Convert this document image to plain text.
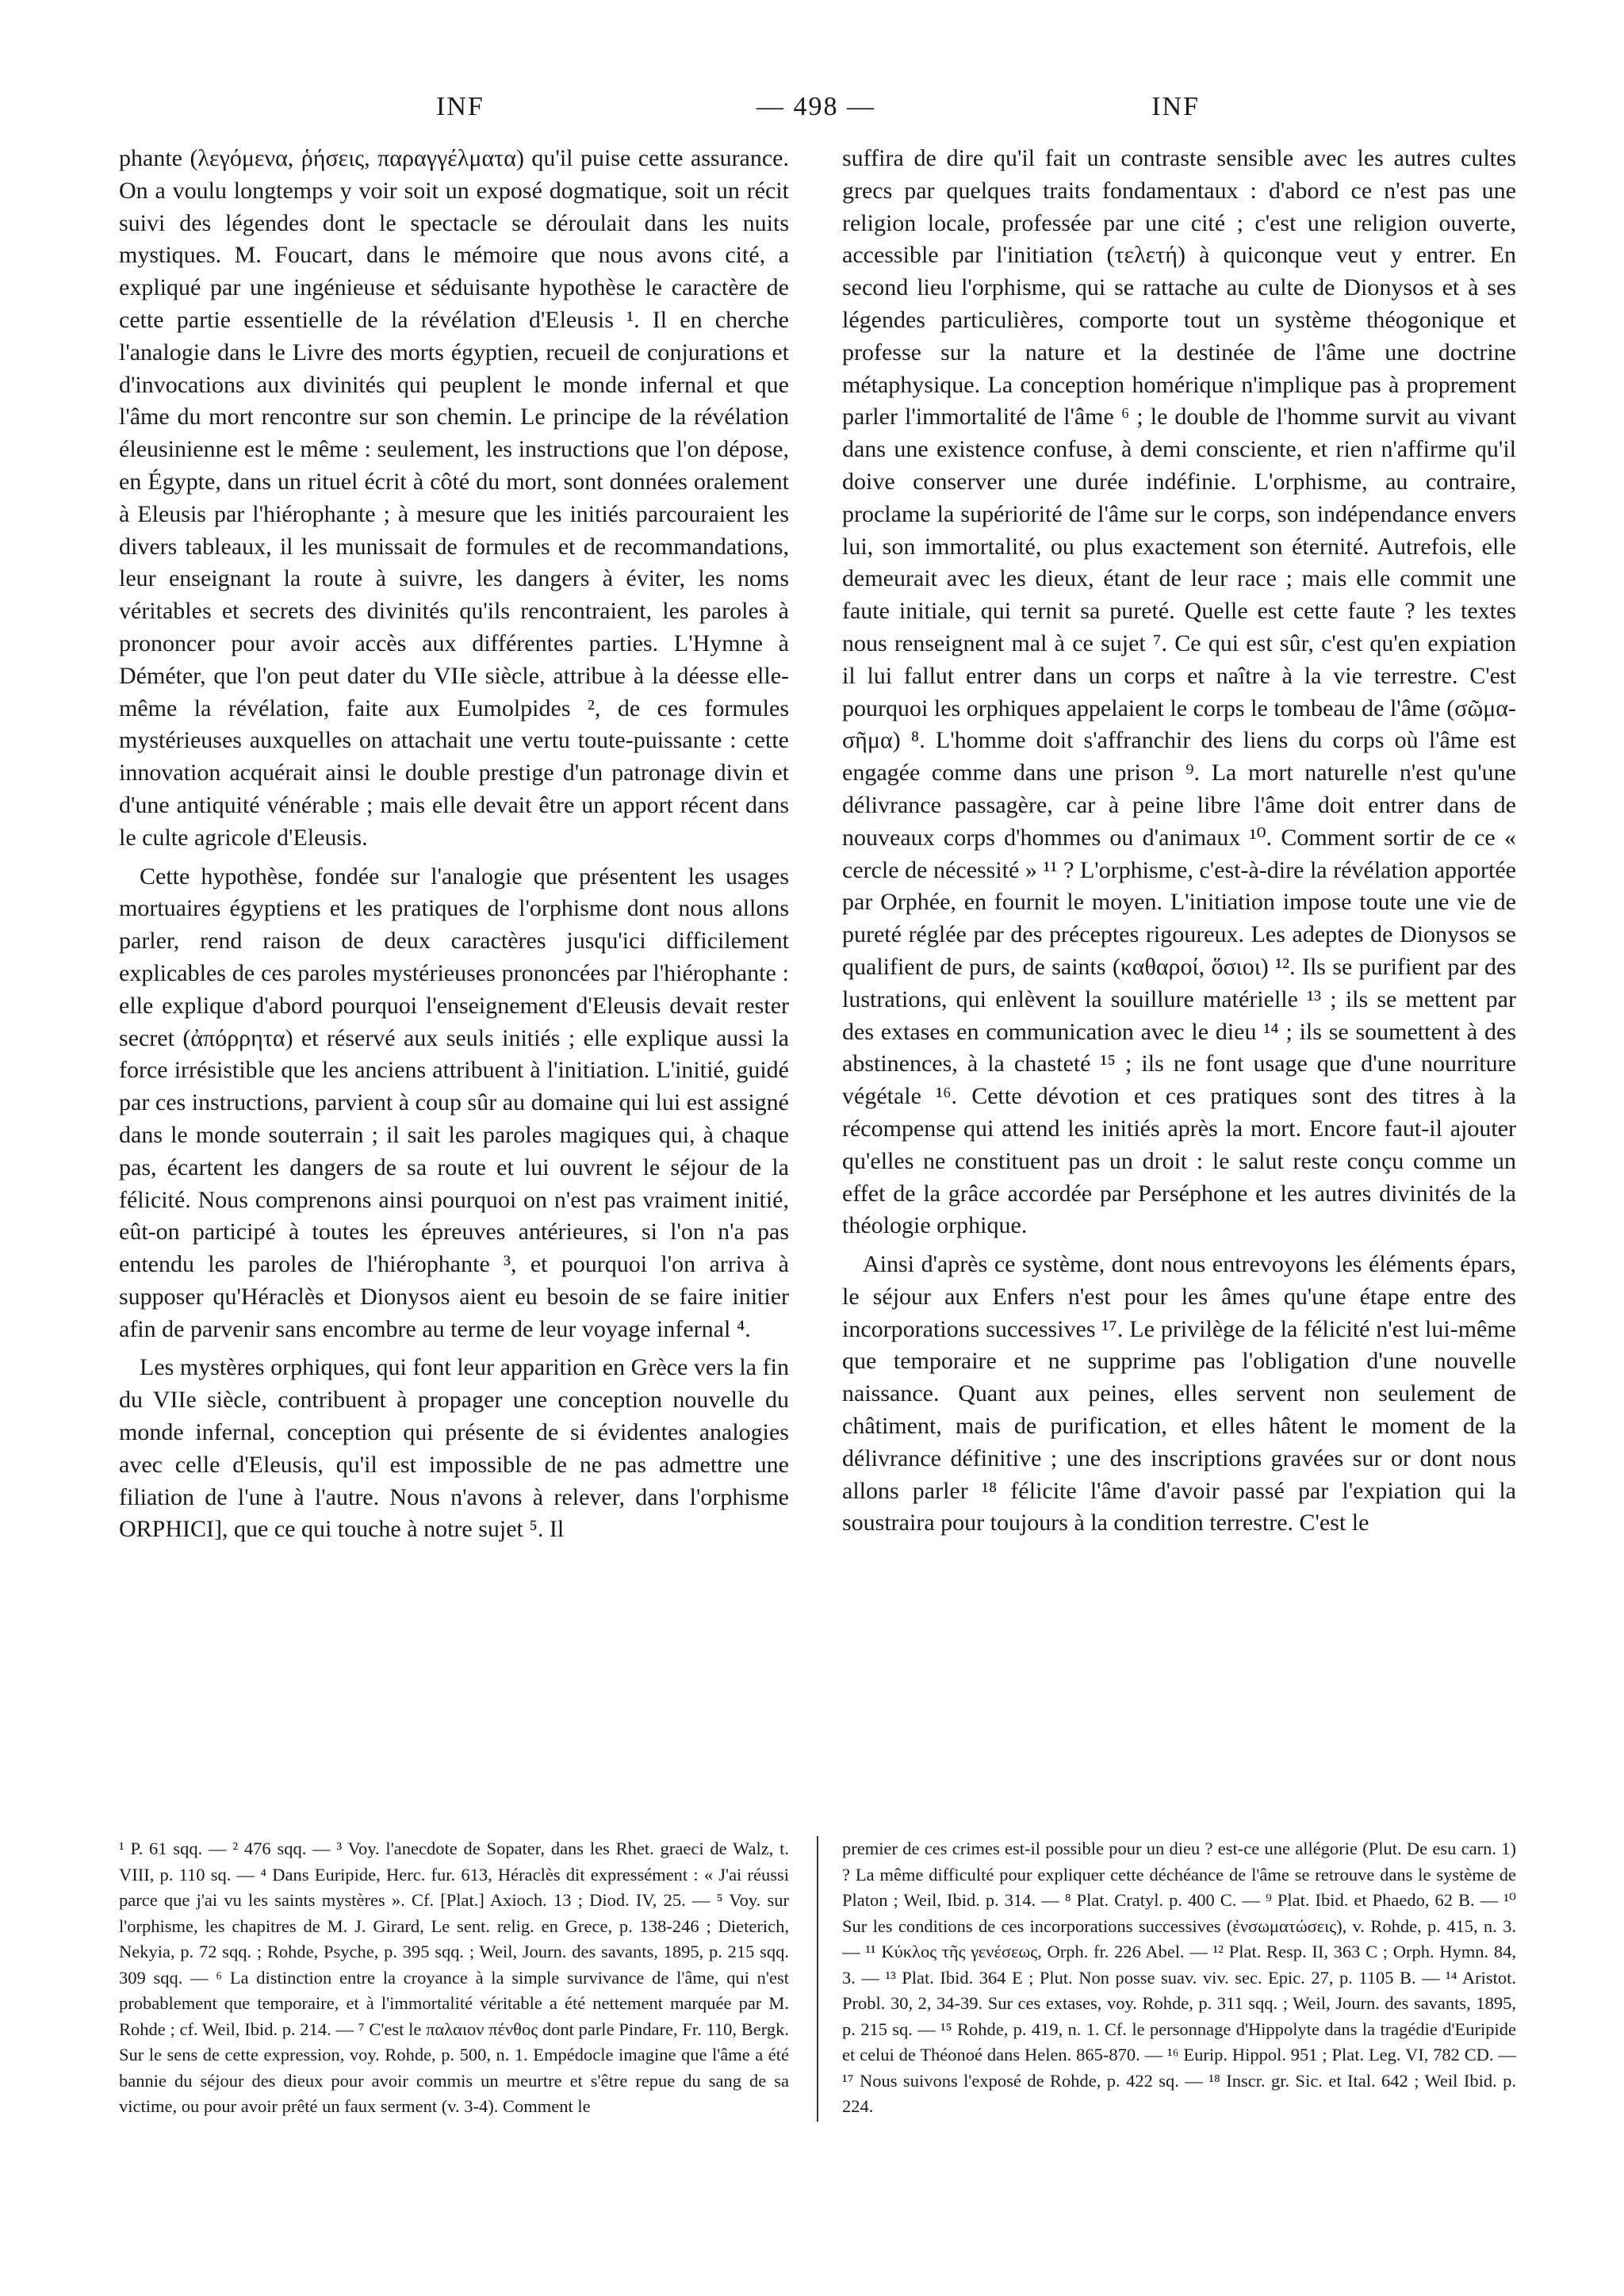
INF	— 498 —	INF

phante (λεγόμενα, ῥήσεις, παραγγέλματα) qu'il puise cette assurance. On a voulu longtemps y voir soit un exposé dogmatique, soit un récit suivi des légendes dont le spectacle se déroulait dans les nuits mystiques. M. Foucart, dans le mémoire que nous avons cité, a expliqué par une ingénieuse et séduisante hypothèse le caractère de cette partie essentielle de la révélation d'Eleusis ¹. Il en cherche l'analogie dans le Livre des morts égyptien, recueil de conjurations et d'invocations aux divinités qui peuplent le monde infernal et que l'âme du mort rencontre sur son chemin. Le principe de la révélation éleusinienne est le même : seulement, les instructions que l'on dépose, en Égypte, dans un rituel écrit à côté du mort, sont données oralement à Eleusis par l'hiérophante ; à mesure que les initiés parcouraient les divers tableaux, il les munissait de formules et de recommandations, leur enseignant la route à suivre, les dangers à éviter, les noms véritables et secrets des divinités qu'ils rencontraient, les paroles à prononcer pour avoir accès aux différentes parties. L'Hymne à Déméter, que l'on peut dater du VIIe siècle, attribue à la déesse elle-même la révélation, faite aux Eumolpides ², de ces formules mystérieuses auxquelles on attachait une vertu toute-puissante : cette innovation acquérait ainsi le double prestige d'un patronage divin et d'une antiquité vénérable ; mais elle devait être un apport récent dans le culte agricole d'Eleusis.

Cette hypothèse, fondée sur l'analogie que présentent les usages mortuaires égyptiens et les pratiques de l'orphisme dont nous allons parler, rend raison de deux caractères jusqu'ici difficilement explicables de ces paroles mystérieuses prononcées par l'hiérophante : elle explique d'abord pourquoi l'enseignement d'Eleusis devait rester secret (ἀπόρρητα) et réservé aux seuls initiés ; elle explique aussi la force irrésistible que les anciens attribuent à l'initiation. L'initié, guidé par ces instructions, parvient à coup sûr au domaine qui lui est assigné dans le monde souterrain ; il sait les paroles magiques qui, à chaque pas, écartent les dangers de sa route et lui ouvrent le séjour de la félicité. Nous comprenons ainsi pourquoi on n'est pas vraiment initié, eût-on participé à toutes les épreuves antérieures, si l'on n'a pas entendu les paroles de l'hiérophante ³, et pourquoi l'on arriva à supposer qu'Héraclès et Dionysos aient eu besoin de se faire initier afin de parvenir sans encombre au terme de leur voyage infernal ⁴.

Les mystères orphiques, qui font leur apparition en Grèce vers la fin du VIIe siècle, contribuent à propager une conception nouvelle du monde infernal, conception qui présente de si évidentes analogies avec celle d'Eleusis, qu'il est impossible de ne pas admettre une filiation de l'une à l'autre. Nous n'avons à relever, dans l'orphisme ORPHICI], que ce qui touche à notre sujet ⁵. Il

suffira de dire qu'il fait un contraste sensible avec les autres cultes grecs par quelques traits fondamentaux : d'abord ce n'est pas une religion locale, professée par une cité ; c'est une religion ouverte, accessible par l'initiation (τελετή) à quiconque veut y entrer. En second lieu l'orphisme, qui se rattache au culte de Dionysos et à ses légendes particulières, comporte tout un système théogonique et professe sur la nature et la destinée de l'âme une doctrine métaphysique. La conception homérique n'implique pas à proprement parler l'immortalité de l'âme ⁶ ; le double de l'homme survit au vivant dans une existence confuse, à demi consciente, et rien n'affirme qu'il doive conserver une durée indéfinie. L'orphisme, au contraire, proclame la supériorité de l'âme sur le corps, son indépendance envers lui, son immortalité, ou plus exactement son éternité. Autrefois, elle demeurait avec les dieux, étant de leur race ; mais elle commit une faute initiale, qui ternit sa pureté. Quelle est cette faute ? les textes nous renseignent mal à ce sujet ⁷. Ce qui est sûr, c'est qu'en expiation il lui fallut entrer dans un corps et naître à la vie terrestre. C'est pourquoi les orphiques appelaient le corps le tombeau de l'âme (σῶμα-σῆμα) ⁸. L'homme doit s'affranchir des liens du corps où l'âme est engagée comme dans une prison ⁹. La mort naturelle n'est qu'une délivrance passagère, car à peine libre l'âme doit entrer dans de nouveaux corps d'hommes ou d'animaux ¹⁰. Comment sortir de ce « cercle de nécessité » ¹¹ ? L'orphisme, c'est-à-dire la révélation apportée par Orphée, en fournit le moyen. L'initiation impose toute une vie de pureté réglée par des préceptes rigoureux. Les adeptes de Dionysos se qualifient de purs, de saints (καθαροί, ὅσιοι) ¹². Ils se purifient par des lustrations, qui enlèvent la souillure matérielle ¹³ ; ils se mettent par des extases en communication avec le dieu ¹⁴ ; ils se soumettent à des abstinences, à la chasteté ¹⁵ ; ils ne font usage que d'une nourriture végétale ¹⁶. Cette dévotion et ces pratiques sont des titres à la récompense qui attend les initiés après la mort. Encore faut-il ajouter qu'elles ne constituent pas un droit : le salut reste conçu comme un effet de la grâce accordée par Perséphone et les autres divinités de la théologie orphique.

Ainsi d'après ce système, dont nous entrevoyons les éléments épars, le séjour aux Enfers n'est pour les âmes qu'une étape entre des incorporations successives ¹⁷. Le privilège de la félicité n'est lui-même que temporaire et ne supprime pas l'obligation d'une nouvelle naissance. Quant aux peines, elles servent non seulement de châtiment, mais de purification, et elles hâtent le moment de la délivrance définitive ; une des inscriptions gravées sur or dont nous allons parler ¹⁸ félicite l'âme d'avoir passé par l'expiation qui la soustraira pour toujours à la condition terrestre. C'est le

¹ P. 61 sqq. — ² 476 sqq. — ³ Voy. l'anecdote de Sopater, dans les Rhet. graeci de Walz, t. VIII, p. 110 sq. — ⁴ Dans Euripide, Herc. fur. 613, Héraclès dit expressément : « J'ai réussi parce que j'ai vu les saints mystères ». Cf. [Plat.] Axioch. 13 ; Diod. IV, 25. — ⁵ Voy. sur l'orphisme, les chapitres de M. J. Girard, Le sent. relig. en Grece, p. 138-246 ; Dieterich, Nekyia, p. 72 sqq. ; Rohde, Psyche, p. 395 sqq. ; Weil, Journ. des savants, 1895, p. 215 sqq. 309 sqq. — ⁶ La distinction entre la croyance à la simple survivance de l'âme, qui n'est probablement que temporaire, et à l'immortalité véritable a été nettement marquée par M. Rohde ; cf. Weil, Ibid. p. 214. — ⁷ C'est le παλαιον πένθος dont parle Pindare, Fr. 110, Bergk. Sur le sens de cette expression, voy. Rohde, p. 500, n. 1. Empédocle imagine que l'âme a été bannie du séjour des dieux pour avoir commis un meurtre et s'être repue du sang de sa victime, ou pour avoir prêté un faux serment (v. 3-4). Comment le
premier de ces crimes est-il possible pour un dieu ? est-ce une allégorie (Plut. De esu carn. 1) ? La même difficulté pour expliquer cette déchéance de l'âme se retrouve dans le système de Platon ; Weil, Ibid. p. 314. — ⁸ Plat. Cratyl. p. 400 C. — ⁹ Plat. Ibid. et Phaedo, 62 B. — ¹⁰ Sur les conditions de ces incorporations successives (ἐνσωματώσεις), v. Rohde, p. 415, n. 3. — ¹¹ Κύκλος τῆς γενέσεως, Orph. fr. 226 Abel. — ¹² Plat. Resp. II, 363 C ; Orph. Hymn. 84, 3. — ¹³ Plat. Ibid. 364 E ; Plut. Non posse suav. viv. sec. Epic. 27, p. 1105 B. — ¹⁴ Aristot. Probl. 30, 2, 34-39. Sur ces extases, voy. Rohde, p. 311 sqq. ; Weil, Journ. des savants, 1895, p. 215 sq. — ¹⁵ Rohde, p. 419, n. 1. Cf. le personnage d'Hippolyte dans la tragédie d'Euripide et celui de Théonoé dans Helen. 865-870. — ¹⁶ Eurip. Hippol. 951 ; Plat. Leg. VI, 782 CD. — ¹⁷ Nous suivons l'exposé de Rohde, p. 422 sq. — ¹⁸ Inscr. gr. Sic. et Ital. 642 ; Weil Ibid. p. 224.
